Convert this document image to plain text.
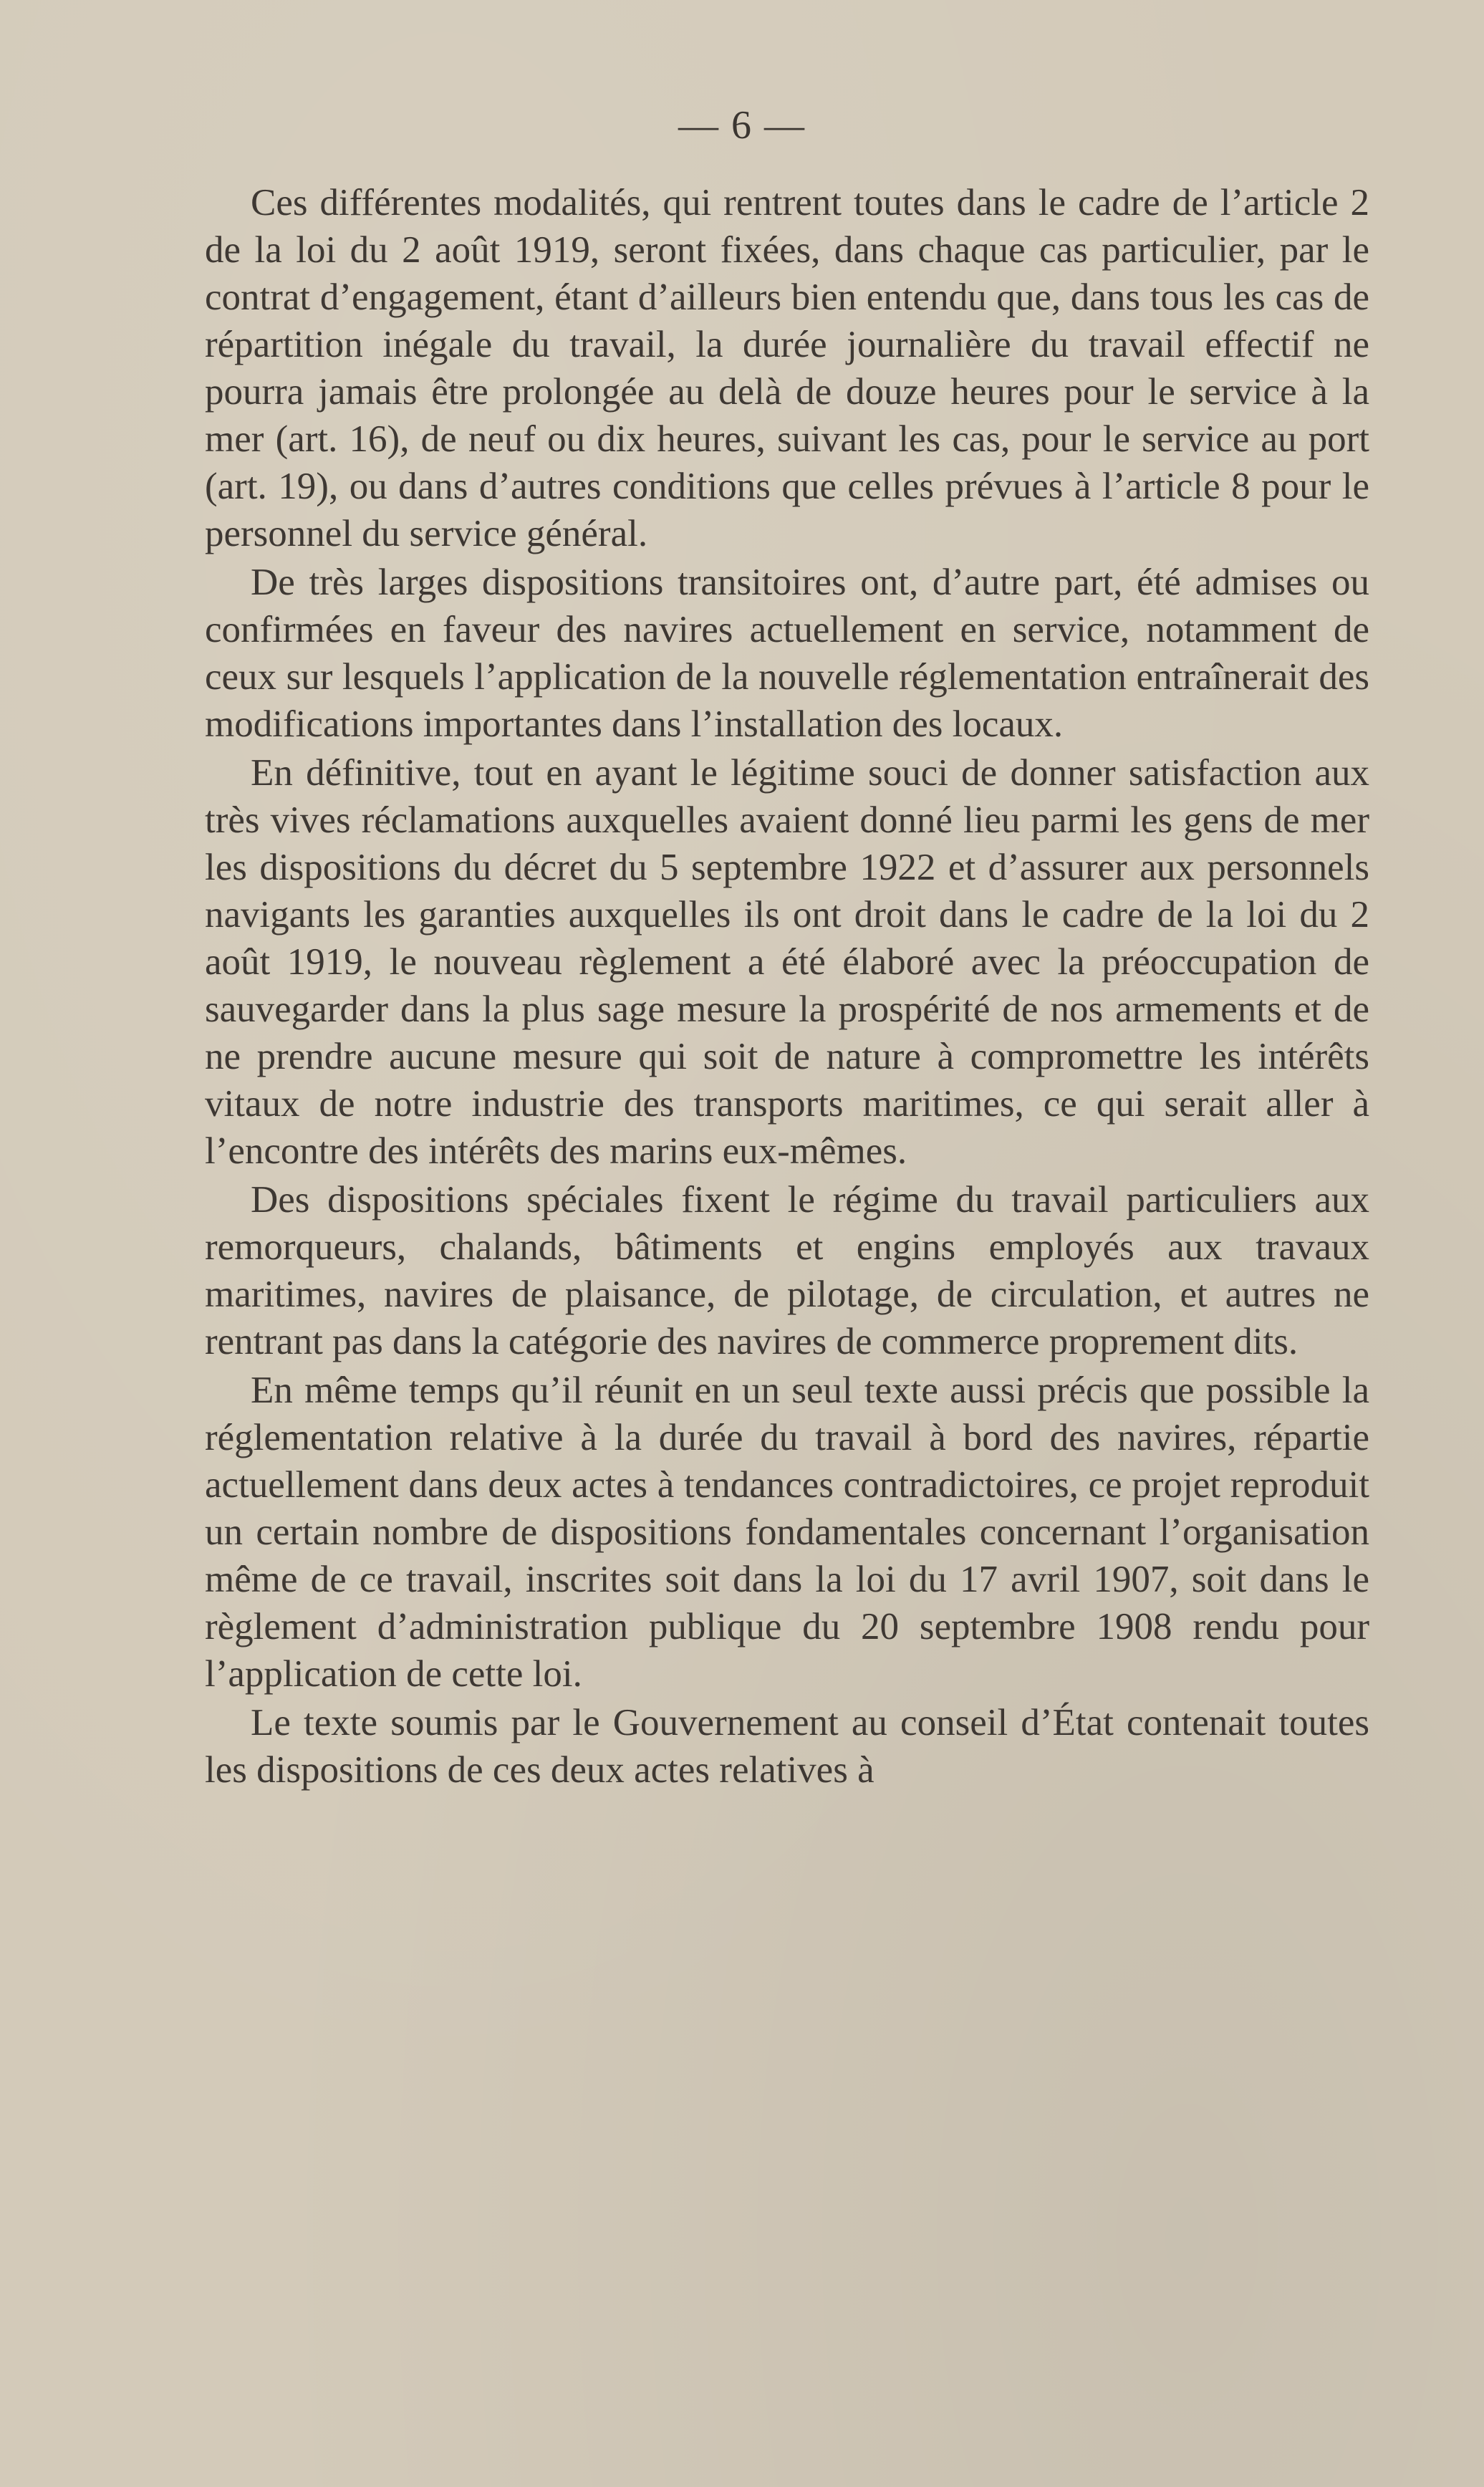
— 6 —

Ces différentes modalités, qui rentrent toutes dans le cadre de l’article 2 de la loi du 2 août 1919, seront fixées, dans chaque cas particulier, par le contrat d’engagement, étant d’ailleurs bien entendu que, dans tous les cas de répartition inégale du travail, la durée journalière du travail effectif ne pourra jamais être prolongée au delà de douze heures pour le service à la mer (art. 16), de neuf ou dix heures, suivant les cas, pour le service au port (art. 19), ou dans d’autres conditions que celles prévues à l’article 8 pour le personnel du service général.

De très larges dispositions transitoires ont, d’autre part, été admises ou confirmées en faveur des navires actuellement en service, notamment de ceux sur lesquels l’application de la nouvelle réglementation entraînerait des modifications importantes dans l’installation des locaux.

En définitive, tout en ayant le légitime souci de donner satisfaction aux très vives réclamations auxquelles avaient donné lieu parmi les gens de mer les dispositions du décret du 5 septembre 1922 et d’assurer aux personnels navigants les garanties auxquelles ils ont droit dans le cadre de la loi du 2 août 1919, le nouveau règlement a été élaboré avec la préoccupation de sauvegarder dans la plus sage mesure la prospérité de nos armements et de ne prendre aucune mesure qui soit de nature à compromettre les intérêts vitaux de notre industrie des transports maritimes, ce qui serait aller à l’encontre des intérêts des marins eux-mêmes.

Des dispositions spéciales fixent le régime du travail particuliers aux remorqueurs, chalands, bâtiments et engins employés aux travaux maritimes, navires de plaisance, de pilotage, de circulation, et autres ne rentrant pas dans la catégorie des navires de commerce proprement dits.

En même temps qu’il réunit en un seul texte aussi précis que possible la réglementation relative à la durée du travail à bord des navires, répartie actuellement dans deux actes à tendances contradictoires, ce projet reproduit un certain nombre de dispositions fondamentales concernant l’organisation même de ce travail, inscrites soit dans la loi du 17 avril 1907, soit dans le règlement d’administration publique du 20 septembre 1908 rendu pour l’application de cette loi.

Le texte soumis par le Gouvernement au conseil d’État contenait toutes les dispositions de ces deux actes relatives à
